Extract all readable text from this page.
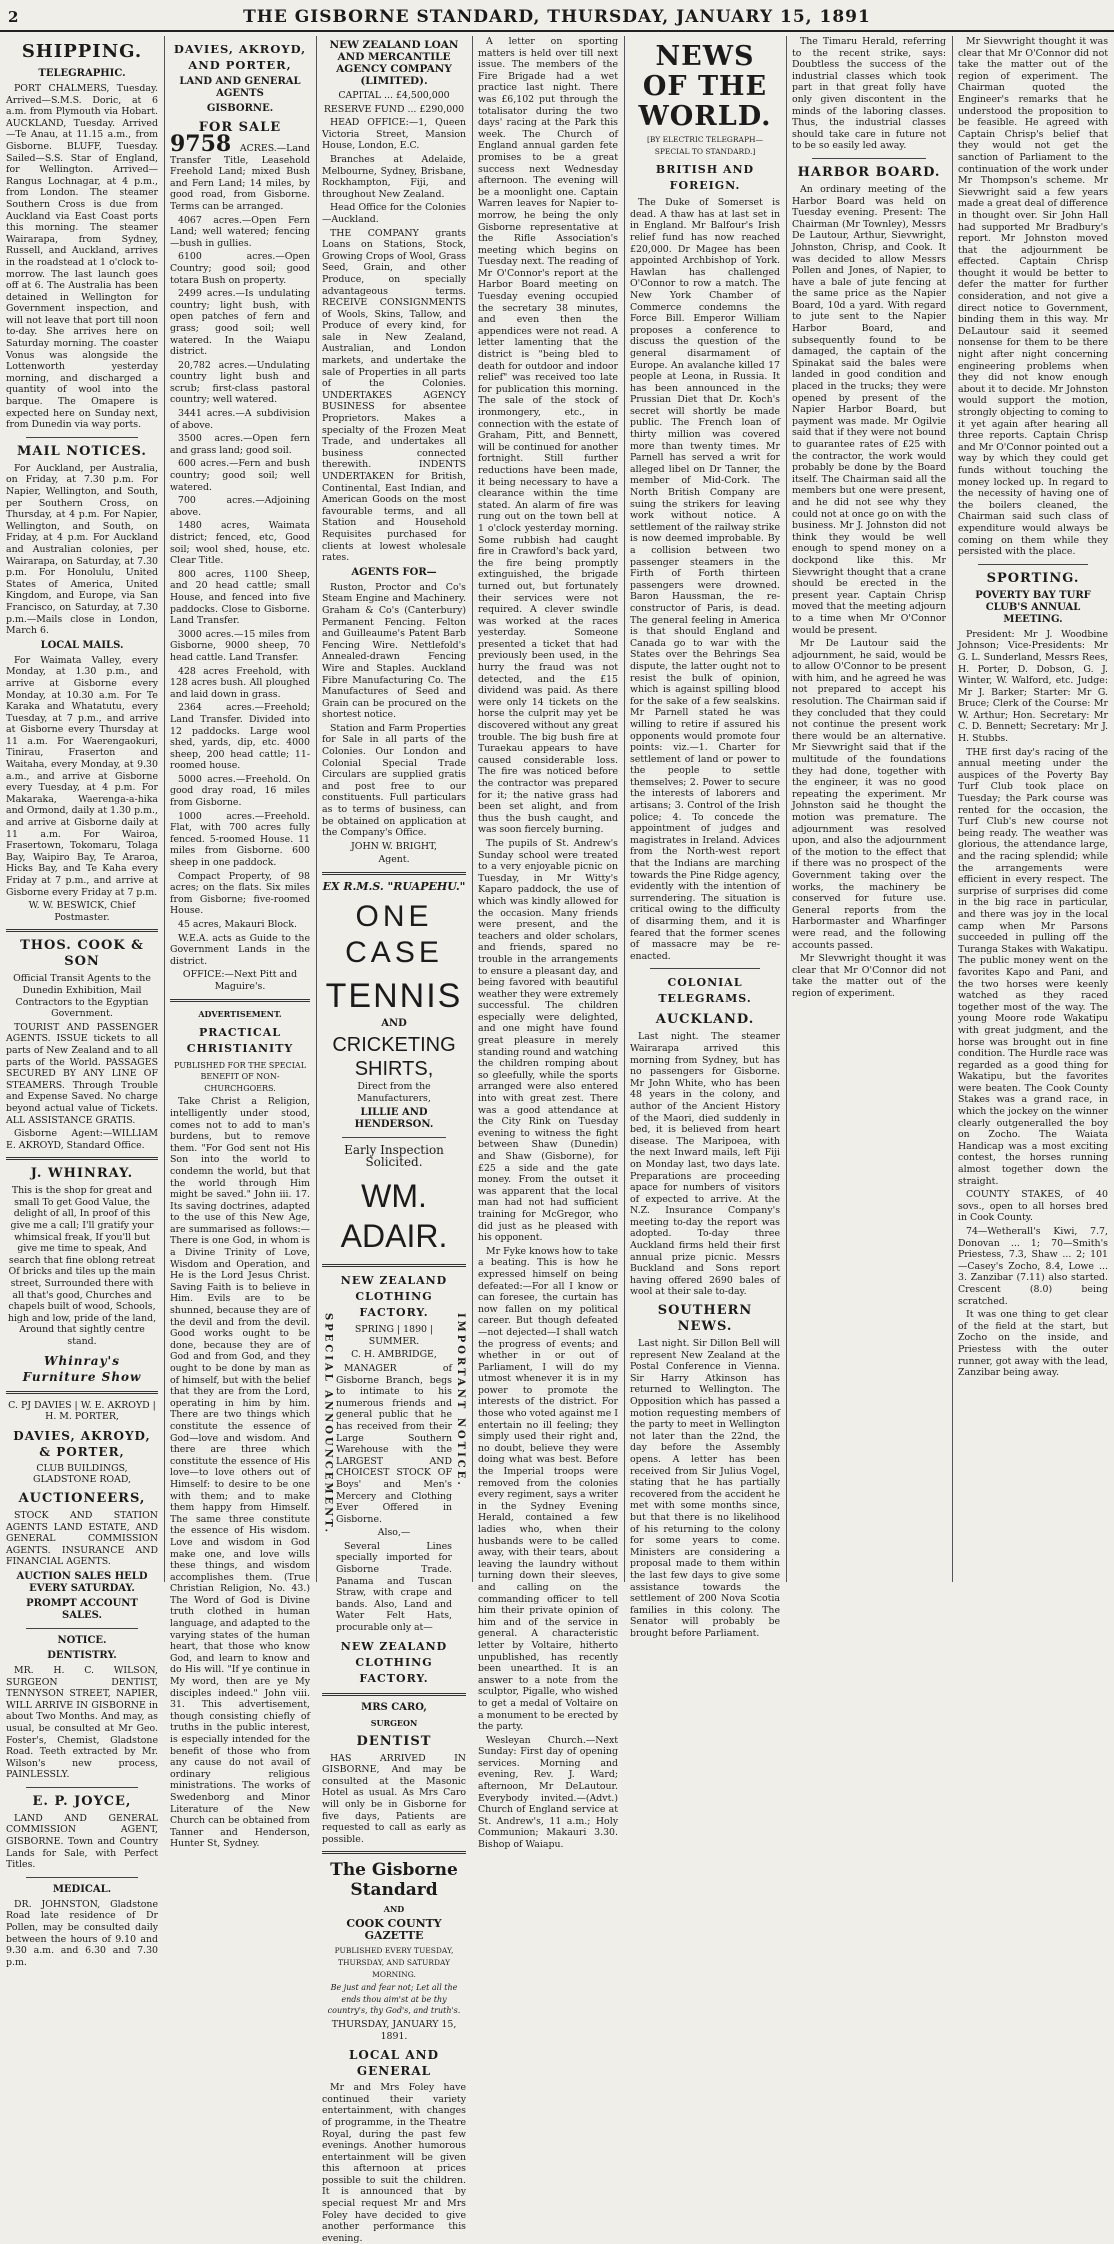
2	THE GISBORNE STANDARD, THURSDAY, JANUARY 15, 1891
SHIPPING.
TELEGRAPHIC.

PORT CHALMERS, Tuesday. Arrived—S.M.S. Doric, at 6 a.m. from Plymouth via Hobart. AUCKLAND, Tuesday. Arrived—Te Anau, at 11.15 a.m., from Gisborne. BLUFF, Tuesday. Sailed—S.S. Star of England, for Wellington. Arrived—Rangus Lochnagar, at 4 p.m., from London. The steamer Southern Cross is due from Auckland via East Coast ports this morning. The steamer Wairarapa, from Sydney, Russell, and Auckland, arrives in the roadstead at 1 o'clock to-morrow. The last launch goes off at 6. The Australia has been detained in Wellington for Government inspection, and will not leave that port till noon to-day. She arrives here on Saturday morning. The coaster Vonus was alongside the Lottenworth yesterday morning, and discharged a quantity of wool into the barque. The Omapere is expected here on Sunday next, from Dunedin via way ports.

MAIL NOTICES.

For Auckland, per Australia, on Friday, at 7.30 p.m. For Napier, Wellington, and South, per Southern Cross, on Thursday, at 4 p.m. For Napier, Wellington, and South, on Friday, at 4 p.m. For Auckland and Australian colonies, per Wairarapa, on Saturday, at 7.30 p.m. For Honolulu, United States of America, United Kingdom, and Europe, via San Francisco, on Saturday, at 7.30 p.m.—Mails close in London, March 6.

LOCAL MAILS.

For Waimata Valley, every Monday, at 1.30 p.m., and arrive at Gisborne every Monday, at 10.30 a.m. For Te Karaka and Whatatutu, every Tuesday, at 7 p.m., and arrive at Gisborne every Thursday at 11 a.m. For Waerengaokuri, Tinirau, Fraserton and Waitaha, every Monday, at 9.30 a.m., and arrive at Gisborne every Tuesday, at 4 p.m. For Makaraka, Waerenga-a-hika and Ormond, daily at 1.30 p.m., and arrive at Gisborne daily at 11 a.m. For Wairoa, Frasertown, Tokomaru, Tolaga Bay, Waipiro Bay, Te Araroa, Hicks Bay, and Te Kaha every Friday at 7 p.m., and arrive at Gisborne every Friday at 7 p.m.

W. W. BESWICK, Chief Postmaster.

THOS. COOK & SON

Official Transit Agents to the Dunedin Exhibition, Mail Contractors to the Egyptian Government.

TOURIST AND PASSENGER AGENTS. ISSUE tickets to all parts of New Zealand and to all parts of the World. PASSAGES SECURED BY ANY LINE OF STEAMERS. Through Trouble and Expense Saved. No charge beyond actual value of Tickets. ALL ASSISTANCE GRATIS.

Gisborne Agent:—WILLIAM E. AKROYD, Standard Office.

J. WHINRAY.

This is the shop for great and small To get Good Value, the delight of all, In proof of this give me a call; I'll gratify your whimsical freak, If you'll but give me time to speak, And search that fine oblong retreat Of bricks and tiles up the main street, Surrounded there with all that's good, Churches and chapels built of wood, Schools, high and low, pride of the land, Around that sightly centre stand.

Whinray's Furniture Show

C. PJ DAVIES | W. E. AKROYD | H. M. PORTER,

DAVIES, AKROYD, & PORTER,

CLUB BUILDINGS, GLADSTONE ROAD,

AUCTIONEERS,

STOCK AND STATION AGENTS LAND ESTATE, AND GENERAL COMMISSION AGENTS. INSURANCE AND FINANCIAL AGENTS.

AUCTION SALES HELD EVERY SATURDAY.
PROMPT ACCOUNT SALES.
NOTICE.
DENTISTRY.

MR. H. C. WILSON, SURGEON DENTIST, TENNYSON STREET, NAPIER, WILL ARRIVE IN GISBORNE in about Two Months. And may, as usual, be consulted at Mr Geo. Foster's, Chemist, Gladstone Road. Teeth extracted by Mr. Wilson's new process, PAINLESSLY.

E. P. JOYCE,

LAND AND GENERAL COMMISSION AGENT, GISBORNE. Town and Country Lands for Sale, with Perfect Titles.

MEDICAL.

DR. JOHNSTON, Gladstone Road late residence of Dr Pollen, may be consulted daily between the hours of 9.10 and 9.30 a.m. and 6.30 and 7.30 p.m.

DAVIES, AKROYD, AND PORTER,
LAND AND GENERAL AGENTS
GISBORNE.
FOR SALE

9758 ACRES.—Land Transfer Title, Leasehold Freehold Land; mixed Bush and Fern Land; 14 miles, by good road, from Gisborne. Terms can be arranged.

4067 acres.—Open Fern Land; well watered; fencing—bush in gullies.

6100 acres.—Open Country; good soil; good totara Bush on property.

2499 acres.—Is undulating country; light bush, with open patches of fern and grass; good soil; well watered. In the Waiapu district.

20,782 acres.—Undulating country light bush and scrub; first-class pastoral country; well watered.

3441 acres.—A subdivision of above.

3500 acres.—Open fern and grass land; good soil.

600 acres.—Fern and bush country; good soil; well watered.

700 acres.—Adjoining above.

1480 acres, Waimata district; fenced, etc, Good soil; wool shed, house, etc. Clear Title.

800 acres, 1100 Sheep, and 20 head cattle; small House, and fenced into five paddocks. Close to Gisborne. Land Transfer.

3000 acres.—15 miles from Gisborne, 9000 sheep, 70 head cattle. Land Transfer.

428 acres Freehold, with 128 acres bush. All ploughed and laid down in grass.

2364 acres.—Freehold; Land Transfer. Divided into 12 paddocks. Large wool shed, yards, dip, etc. 4000 sheep, 200 head cattle; 11-roomed house.

5000 acres.—Freehold. On good dray road, 16 miles from Gisborne.

1000 acres.—Freehold. Flat, with 700 acres fully fenced. 5-roomed House. 11 miles from Gisborne. 600 sheep in one paddock.

Compact Property, of 98 acres; on the flats. Six miles from Gisborne; five-roomed House.

45 acres, Makauri Block.

W.E.A. acts as Guide to the Government Lands in the district.

OFFICE:—Next Pitt and Maguire's.

ADVERTISEMENT.
PRACTICAL CHRISTIANITY

PUBLISHED FOR THE SPECIAL BENEFIT OF NON-CHURCHGOERS.

Take Christ a Religion, intelligently under stood, comes not to add to man's burdens, but to remove them. "For God sent not His Son into the world to condemn the world, but that the world through Him might be saved." John iii. 17. Its saving doctrines, adapted to the use of this New Age, are summarised as follows:— There is one God, in whom is a Divine Trinity of Love, Wisdom and Operation, and He is the Lord Jesus Christ. Saving Faith is to believe in Him. Evils are to be shunned, because they are of the devil and from the devil. Good works ought to be done, because they are of God and from God, and they ought to be done by man as of himself, but with the belief that they are from the Lord, operating in him by him. There are two things which constitute the essence of God—love and wisdom. And there are three which constitute the essence of His love—to love others out of Himself: to desire to be one with them; and to make them happy from Himself. The same three constitute the essence of His wisdom. Love and wisdom in God make one, and love wills these things, and wisdom accomplishes them. (True Christian Religion, No. 43.) The Word of God is Divine truth clothed in human language, and adapted to the varying states of the human heart, that those who know God, and learn to know and do His will. "If ye continue in My word, then are ye My disciples indeed." John viii. 31. This advertisement, though consisting chiefly of truths in the public interest, is especially intended for the benefit of those who from any cause do not avail of ordinary religious ministrations. The works of Swedenborg and Minor Literature of the New Church can be obtained from Tanner and Henderson, Hunter St, Sydney.

NEW ZEALAND LOAN AND MERCANTILE AGENCY COMPANY (LIMITED).

CAPITAL ... £4,500,000

RESERVE FUND ... £290,000

HEAD OFFICE:—1, Queen Victoria Street, Mansion House, London, E.C.

Branches at Adelaide, Melbourne, Sydney, Brisbane, Rockhampton, Fiji, and throughout New Zealand.

Head Office for the Colonies—Auckland.

THE COMPANY grants Loans on Stations, Stock, Growing Crops of Wool, Grass Seed, Grain, and other Produce, on specially advantageous terms. RECEIVE CONSIGNMENTS of Wools, Skins, Tallow, and Produce of every kind, for sale in New Zealand, Australian, and London markets, and undertake the sale of Properties in all parts of the Colonies. UNDERTAKES AGENCY BUSINESS for absentee Proprietors. Makes a specialty of the Frozen Meat Trade, and undertakes all business connected therewith. INDENTS UNDERTAKEN for British, Continental, East Indian, and American Goods on the most favourable terms, and all Station and Household Requisites purchased for clients at lowest wholesale rates.

AGENTS FOR—

Ruston, Proctor and Co's Steam Engine and Machinery. Graham & Co's (Canterbury) Permanent Fencing. Felton and Guilleaume's Patent Barb Fencing Wire. Nettlefold's Annealed-drawn Fencing Wire and Staples. Auckland Fibre Manufacturing Co. The Manufactures of Seed and Grain can be procured on the shortest notice.

Station and Farm Properties for Sale in all parts of the Colonies. Our London and Colonial Special Trade Circulars are supplied gratis and post free to our constituents. Full particulars as to terms of business, can be obtained on application at the Company's Office.

JOHN W. BRIGHT,

Agent.

EX R.M.S. "RUAPEHU."
ONE CASE
TENNIS
AND
CRICKETING SHIRTS,

Direct from the Manufacturers,

LILLIE AND HENDERSON.
Early Inspection Solicited.
WM. ADAIR.
SPECIAL ANNOUNCEMENT.	IMPORTANT NOTICE.
NEW ZEALAND CLOTHING FACTORY.

SPRING | 1890 | SUMMER.

C. H. AMBRIDGE,

MANAGER of Gisborne Branch, begs to intimate to his numerous friends and general public that he has received from their Large Southern Warehouse with the LARGEST AND CHOICEST STOCK OF Boys' and Men's Mercery and Clothing Ever Offered in Gisborne.

Also,—

Several Lines specially imported for Gisborne Trade. Panama and Tuscan Straw, with crape and bands. Also, Land and Water Felt Hats, procurable only at—

NEW ZEALAND CLOTHING FACTORY.
MRS CARO,
SURGEON
DENTIST

HAS ARRIVED IN GISBORNE, And may be consulted at the Masonic Hotel as usual. As Mrs Caro will only be in Gisborne for five days, Patients are requested to call as early as possible.

The Gisborne Standard
AND
COOK COUNTY GAZETTE

PUBLISHED EVERY TUESDAY, THURSDAY, AND SATURDAY MORNING.

Be just and fear not; Let all the ends thou aim'st at be thy country's, thy God's, and truth's.

THURSDAY, JANUARY 15, 1891.

LOCAL AND GENERAL

Mr and Mrs Foley have continued their variety entertainment, with changes of programme, in the Theatre Royal, during the past few evenings. Another humorous entertainment will be given this afternoon at prices possible to suit the children. It is announced that by special request Mr and Mrs Foley have decided to give another performance this evening.

A letter on sporting matters is held over till next issue. The members of the Fire Brigade had a wet practice last night. There was £6,102 put through the totalisator during the two days' racing at the Park this week. The Church of England annual garden fete promises to be a great success next Wednesday afternoon. The evening will be a moonlight one. Captain Warren leaves for Napier to-morrow, he being the only Gisborne representative at the Rifle Association's meeting which begins on Tuesday next. The reading of Mr O'Connor's report at the Harbor Board meeting on Tuesday evening occupied the secretary 38 minutes, and even then the appendices were not read. A letter lamenting that the district is "being bled to death for outdoor and indoor relief" was received too late for publication this morning. The sale of the stock of ironmongery, etc., in connection with the estate of Graham, Pitt, and Bennett, will be continued for another fortnight. Still further reductions have been made, it being necessary to have a clearance within the time stated. An alarm of fire was rung out on the town bell at 1 o'clock yesterday morning. Some rubbish had caught fire in Crawford's back yard, the fire being promptly extinguished, the brigade turned out, but fortunately their services were not required. A clever swindle was worked at the races yesterday. Someone presented a ticket that had previously been used, in the hurry the fraud was not detected, and the £15 dividend was paid. As there were only 14 tickets on the horse the culprit may yet be discovered without any great trouble. The big bush fire at Turaekau appears to have caused considerable loss. The fire was noticed before the contractor was prepared for it; the native grass had been set alight, and from thus the bush caught, and was soon fiercely burning.

The pupils of St. Andrew's Sunday school were treated to a very enjoyable picnic on Tuesday, in Mr Witty's Kaparo paddock, the use of which was kindly allowed for the occasion. Many friends were present, and the teachers and older scholars, and friends, spared no trouble in the arrangements to ensure a pleasant day, and being favored with beautiful weather they were extremely successful. The children especially were delighted, and one might have found great pleasure in merely standing round and watching the children romping about so gleefully, while the sports arranged were also entered into with great zest. There was a good attendance at the City Rink on Tuesday evening to witness the fight between Shaw (Dunedin) and Shaw (Gisborne), for £25 a side and the gate money. From the outset it was apparent that the local man had not had sufficient training for McGregor, who did just as he pleased with his opponent.

Mr Fyke knows how to take a beating. This is how he expressed himself on being defeated:—For all I know or can foresee, the curtain has now fallen on my political career. But though defeated—not dejected—I shall watch the progress of events; and whether in or out of Parliament, I will do my utmost whenever it is in my power to promote the interests of the district. For those who voted against me I entertain no ill feeling; they simply used their right and, no doubt, believe they were doing what was best. Before the Imperial troops were removed from the colonies every regiment, says a writer in the Sydney Evening Herald, contained a few ladies who, when their husbands were to be called away, with their tears, about leaving the laundry without turning down their sleeves, and calling on the commanding officer to tell him their private opinion of him and of the service in general. A characteristic letter by Voltaire, hitherto unpublished, has recently been unearthed. It is an answer to a note from the sculptor, Pigalle, who wished to get a medal of Voltaire on a monument to be erected by the party.

Wesleyan Church.—Next Sunday: First day of opening services. Morning and evening, Rev. J. Ward; afternoon, Mr DeLautour. Everybody invited.—(Advt.) Church of England service at St. Andrew's, 11 a.m.; Holy Communion; Makauri 3.30. Bishop of Waiapu.

NEWS OF THE WORLD.

[BY ELECTRIC TELEGRAPH—SPECIAL TO STANDARD.]

BRITISH AND FOREIGN.

The Duke of Somerset is dead. A thaw has at last set in in England. Mr Balfour's Irish relief fund has now reached £20,000. Dr Magee has been appointed Archbishop of York. Hawlan has challenged O'Connor to row a match. The New York Chamber of Commerce condemns the Force Bill. Emperor William proposes a conference to discuss the question of the general disarmament of Europe. An avalanche killed 17 people at Leona, in Russia. It has been announced in the Prussian Diet that Dr. Koch's secret will shortly be made public. The French loan of thirty million was covered more than twenty times. Mr Parnell has served a writ for alleged libel on Dr Tanner, the member of Mid-Cork. The North British Company are suing the strikers for leaving work without notice. A settlement of the railway strike is now deemed improbable. By a collision between two passenger steamers in the Firth of Forth thirteen passengers were drowned. Baron Haussman, the re-constructor of Paris, is dead. The general feeling in America is that should England and Canada go to war with the States over the Behrings Sea dispute, the latter ought not to resist the bulk of opinion, which is against spilling blood for the sake of a few sealskins. Mr Parnell stated he was willing to retire if assured his opponents would promote four points: viz.—1. Charter for settlement of land or power to the people to settle themselves; 2. Power to secure the interests of laborers and artisans; 3. Control of the Irish police; 4. To concede the appointment of judges and magistrates in Ireland. Advices from the North-west report that the Indians are marching towards the Pine Ridge agency, evidently with the intention of surrendering. The situation is critical owing to the difficulty of disarming them, and it is feared that the former scenes of massacre may be re-enacted.

COLONIAL TELEGRAMS.
AUCKLAND.

Last night. The steamer Wairarapa arrived this morning from Sydney, but has no passengers for Gisborne. Mr John White, who has been 48 years in the colony, and author of the Ancient History of the Maori, died suddenly in bed, it is believed from heart disease. The Maripoea, with the next Inward mails, left Fiji on Monday last, two days late. Preparations are proceeding apace for numbers of visitors of expected to arrive. At the N.Z. Insurance Company's meeting to-day the report was adopted. To-day three Auckland firms held their first annual prize picnic. Messrs Buckland and Sons report having offered 2690 bales of wool at their sale to-day.

SOUTHERN NEWS.

Last night. Sir Dillon Bell will represent New Zealand at the Postal Conference in Vienna. Sir Harry Atkinson has returned to Wellington. The Opposition which has passed a motion requesting members of the party to meet in Wellington not later than the 22nd, the day before the Assembly opens. A letter has been received from Sir Julius Vogel, stating that he has partially recovered from the accident he met with some months since, but that there is no likelihood of his returning to the colony for some years to come. Ministers are considering a proposal made to them within the last few days to give some assistance towards the settlement of 200 Nova Scotia families in this colony. The Senator will probably be brought before Parliament.

The Timaru Herald, referring to the recent strike, says: Doubtless the success of the industrial classes which took part in that great folly have only given discontent in the minds of the laboring classes. Thus, the industrial classes should take care in future not to be so easily led away.

HARBOR BOARD.

An ordinary meeting of the Harbor Board was held on Tuesday evening. Present: The Chairman (Mr Townley), Messrs De Lautour, Arthur, Sievwright, Johnston, Chrisp, and Cook. It was decided to allow Messrs Pollen and Jones, of Napier, to have a bale of jute fencing at the same price as the Napier Board, 10d a yard. With regard to jute sent to the Napier Harbor Board, and subsequently found to be damaged, the captain of the Spinakat said the bales were landed in good condition and placed in the trucks; they were opened by present of the Napier Harbor Board, but payment was made. Mr Ogilvie said that if they were not bound to guarantee rates of £25 with the contractor, the work would probably be done by the Board itself. The Chairman said all the members but one were present, and he did not see why they could not at once go on with the business. Mr J. Johnston did not think they would be well enough to spend money on a dockpond like this. Mr Sievwright thought that a crane should be erected in the present year. Captain Chrisp moved that the meeting adjourn to a time when Mr O'Connor would be present.

Mr De Lautour said the adjournment, he said, would be to allow O'Connor to be present with him, and he agreed he was not prepared to accept his resolution. The Chairman said if they concluded that they could not continue the present work there would be an alternative. Mr Sievwright said that if the multitude of the foundations they had done, together with the engineer, it was no good repeating the experiment. Mr Johnston said he thought the motion was premature. The adjournment was resolved upon, and also the adjournment of the motion to the effect that if there was no prospect of the Government taking over the works, the machinery be conserved for future use. General reports from the Harbormaster and Wharfinger were read, and the following accounts passed.

Mr Slevwright thought it was clear that Mr O'Connor did not take the matter out of the region of experiment.

Mr Sievwright thought it was clear that Mr O'Connor did not take the matter out of the region of experiment. The Chairman quoted the Engineer's remarks that he understood the proposition to be feasible. He agreed with Captain Chrisp's belief that they would not get the sanction of Parliament to the continuation of the work under Mr Thompson's scheme. Mr Sievwright said a few years made a great deal of difference in thought over. Sir John Hall had supported Mr Bradbury's report. Mr Johnston moved that the adjournment be effected. Captain Chrisp thought it would be better to defer the matter for further consideration, and not give a direct notice to Government, binding them in this way. Mr DeLautour said it seemed nonsense for them to be there night after night concerning engineering problems when they did not know enough about it to decide. Mr Johnston would support the motion, strongly objecting to coming to it yet again after hearing all three reports. Captain Chrisp and Mr O'Connor pointed out a way by which they could get funds without touching the money locked up. In regard to the necessity of having one of the boilers cleaned, the Chairman said such class of expenditure would always be coming on them while they persisted with the place.

SPORTING.
POVERTY BAY TURF CLUB'S ANNUAL MEETING.

President: Mr J. Woodbine Johnson; Vice-Presidents: Mr G. L. Sunderland, Messrs Rees, H. Porter, D. Dobson, G. J. Winter, W. Walford, etc. Judge: Mr J. Barker; Starter: Mr G. Bruce; Clerk of the Course: Mr W. Arthur; Hon. Secretary: Mr C. D. Bennett; Secretary: Mr J. H. Stubbs.

THE first day's racing of the annual meeting under the auspices of the Poverty Bay Turf Club took place on Tuesday; the Park course was rented for the occasion, the Turf Club's new course not being ready. The weather was glorious, the attendance large, and the racing splendid; while the arrangements were efficient in every respect. The surprise of surprises did come in the big race in particular, and there was joy in the local camp when Mr Parsons succeeded in pulling off the Turanga Stakes with Wakatipu. The public money went on the favorites Kapo and Pani, and the two horses were keenly watched as they raced together most of the way. The young Moore rode Wakatipu with great judgment, and the horse was brought out in fine condition. The Hurdle race was regarded as a good thing for Wakatipu, but the favorites were beaten. The Cook County Stakes was a grand race, in which the jockey on the winner clearly outgeneralled the boy on Zocho. The Waiata Handicap was a most exciting contest, the horses running almost together down the straight.

COUNTY STAKES, of 40 sovs., open to all horses bred in Cook County.

74—Wetherall's Kiwi, 7.7, Donovan ... 1; 70—Smith's Priestess, 7.3, Shaw ... 2; 101—Casey's Zocho, 8.4, Lowe ... 3. Zanzibar (7.11) also started. Crescent (8.0) being scratched.

It was one thing to get clear of the field at the start, but Zocho on the inside, and Priestess with the outer runner, got away with the lead, Zanzibar being away.
